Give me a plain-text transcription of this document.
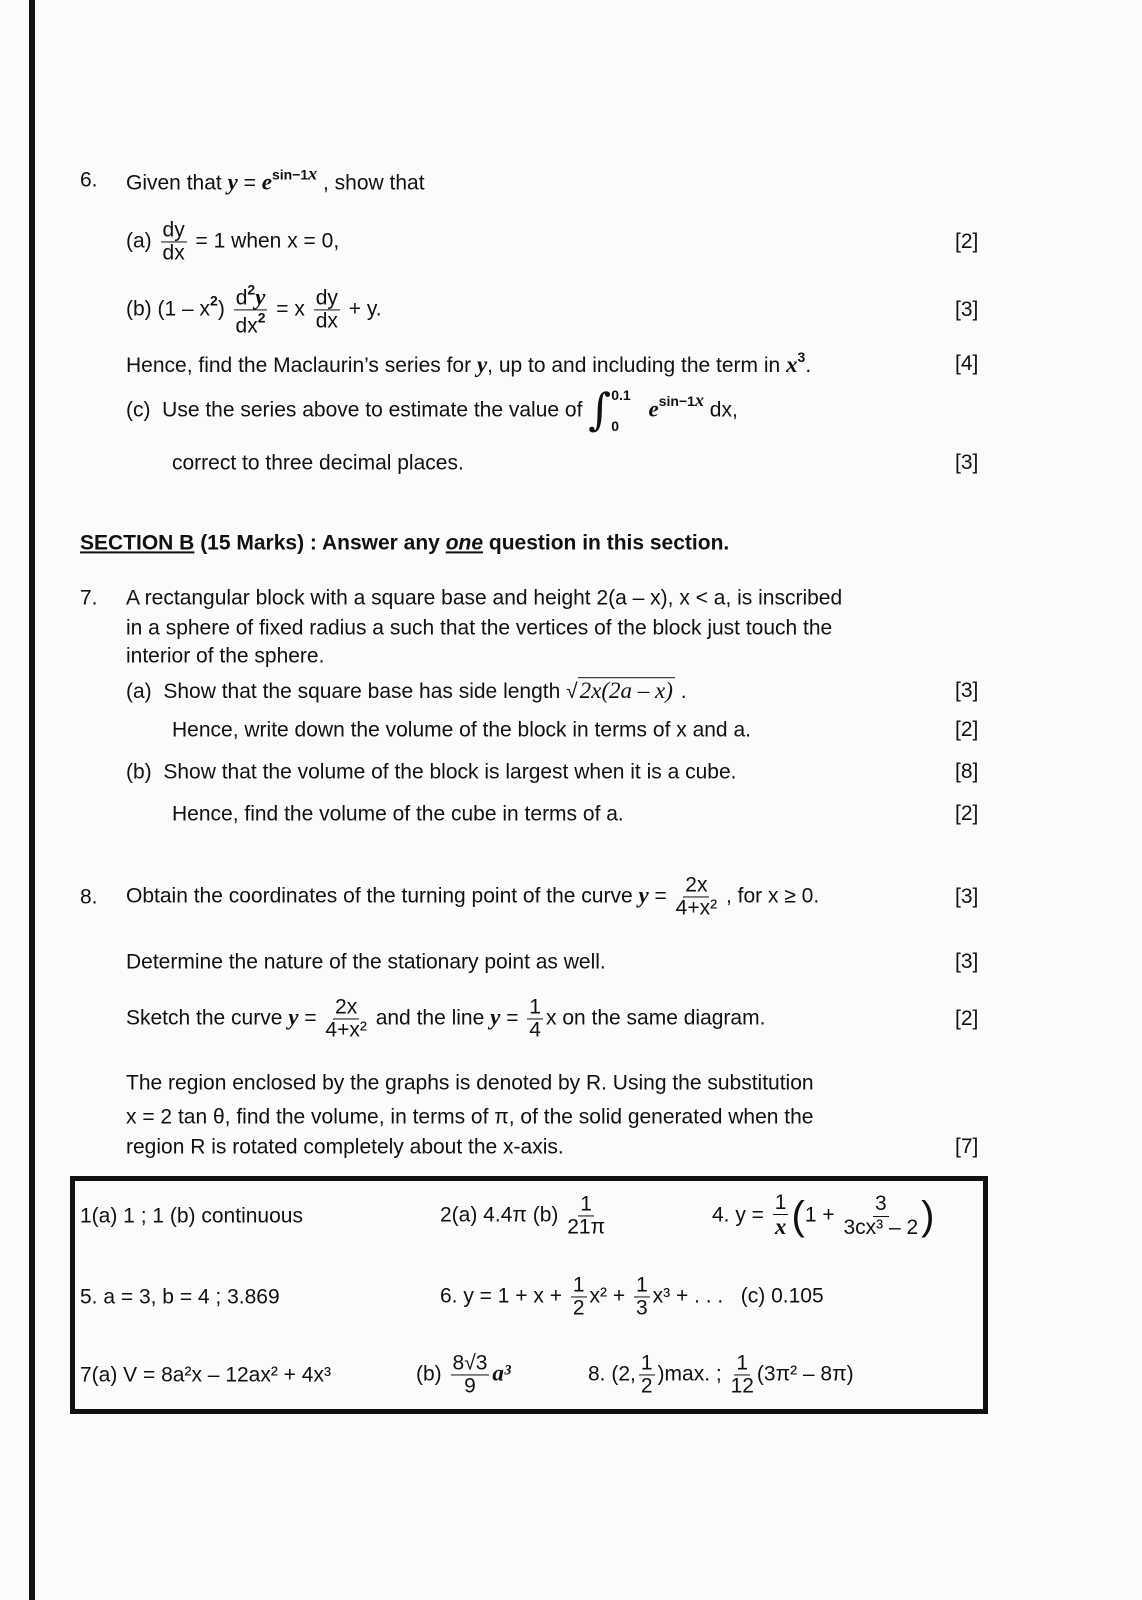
6. Given that $y = e^{sin-1x}$ , show that
$(a) \frac{dy}{dx} = 1$ when x = 0,	[2]
(b) $(1 - x^2) \frac{d^2y}{dx^2} = x \frac{dy}{dx} + y$.	[3]
Hence, find the Maclaurin’s series for y, up to and including the term in $x^3$.	[4]
(c) Use the series above to estimate the value of ∫ 0.1
0
$e^{sin-1x}$ dx,
correct to three decimal places.	[3]
SECTION B (15 Marks) : Answer any one question in this section.
7. A rectangular block with a square base and height 2(a – x), x < a, is inscribed
in a sphere of fixed radius a such that the vertices of the block just touch the
interior of the sphere.
(a) Show that the square base has side length √2x(2a – x) .	[3]
Hence, write down the volume of the block in terms of x and a.	[2]
(b) Show that the volume of the block is largest when it is a cube.	[8]
Hence, find the volume of the cube in terms of a.	[2]
8. Obtain the coordinates of the turning point of the curve $y = \frac{2x}{\text{4+x²}}$ , for x ≥ 0.	[3]
Determine the nature of the stationary point as well.	[3]
Sketch the curve $y = \frac{2x}{\text{4+x²}}$ and the line $y = \frac{1}{4}$ x on the same diagram.	[2]
The region enclosed by the graphs is denoted by R. Using the substitution
x = 2 tan θ, find the volume, in terms of π, of the solid generated when the
region R is rotated completely about the x-axis.	[7]
1(a) 1 ; 1 (b) continuous	2(a) 4.4π $(b) \frac{1}{21\pi}$	4. $y = \frac{1}{x} (1 + \frac{3}{\text{3cx³ – 2}}$ )
5. a = 3, b = 4 ; 3.869	6. $y = 1 + x + \frac{1}{2} x^2 + \frac{1}{3} x^3$ + . . . (c) 0.105
7(a) V = 8a²x – 12ax² + 4x³	$(b) \frac{8√3}{9} a^3$	8. (2, $\frac{1}{2} )\max$. ; $\frac{1}{12} (3\pi^2 - 8\pi)$
